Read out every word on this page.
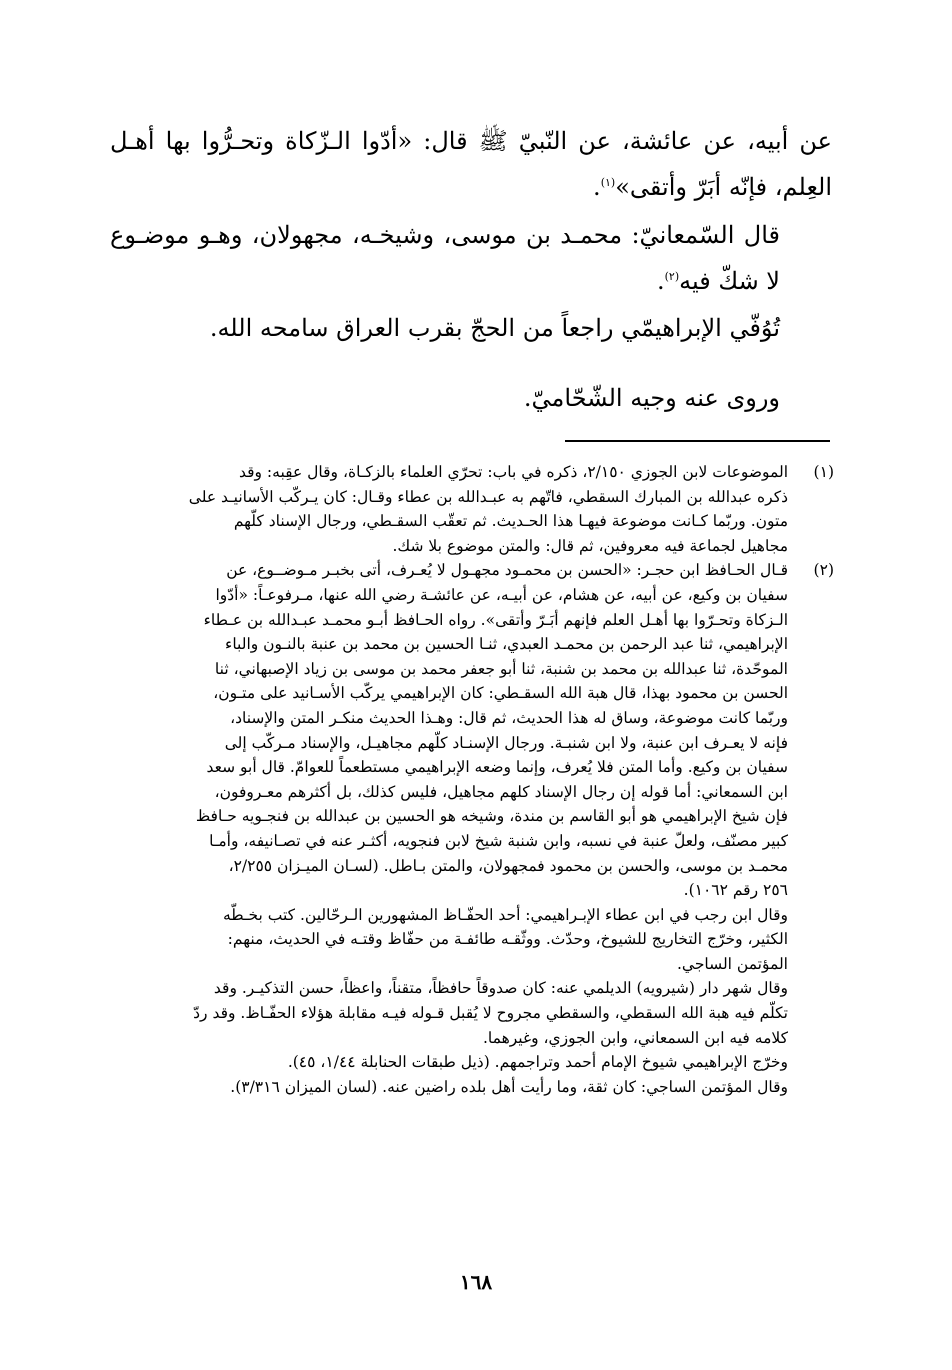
عن أبيه، عن عائشة، عن النّبيّ ﷺ قال: «أدّوا الـزّكاة وتحـرُّوا بها أهـل العِلم، فإنّه أبَرّ وأتقى»$^{(١)}$.

قال السّمعانيّ: محمـد بن موسى، وشيخـه، مجهولان، وهـو موضـوع لا شكّ فيه$^{(٢)}$.

تُوُفّي الإبراهيمّي راجعاً من الحجّ بقرب العراق سامحه الله.

وروى عنه وجيه الشّحّاميّ.

(١)
الموضوعات لابن الجوزي ٢/١٥٠، ذكره في باب: تحرّي العلماء بالزكـاة، وقال عقِبه: وقد
ذكره عبدالله بن المبارك السقطي، فاتّهم به عبـدالله بن عطاء وقـال: كان يـركّب الأسانيـد على
متون. وربّما كـانت موضوعة فيهـا هذا الحـديث. ثم تعقّب السقـطي، ورجال الإسناد كلّهم
مجاهيل لجماعة فيه معروفين، ثم قال: والمتن موضوع بلا شك.
(٢)
قـال الحـافظ ابن حجـر: «الحسن بن محمـود مجهـول لا يُعـرف، أتى بخبـر مـوضــوع، عن
سفيان بن وكيع، عن أبيه، عن هشام، عن أبيـه، عن عائشـة رضي الله عنها، مـرفوعـاً: «أدّوا
الـزكاة وتحـرّوا بها أهـل العلم فإنهم أبَـرّ وأتقى». رواه الحـافظ أبـو محمـد عبـدالله بن عـطاء
الإبراهيمي، ثنا عبد الرحمن بن محمـد العبدي، ثنـا الحسين بن محمد بن عنبة بالنـون والباء
الموحّدة، ثنا عبدالله بن محمد بن شنبة، ثنا أبو جعفر محمد بن موسى بن زياد الإصبهاني، ثنا
الحسن بن محمود بهذا، قال هبة الله السقـطي: كان الإبراهيمي يركّب الأسـانيد على متـون،
وربّما كانت موضوعة، وساق له هذا الحديث، ثم قال: وهـذا الحديث منكـر المتن والإسناد،
فإنه لا يعـرف ابن عنبة، ولا ابن شنبـة. ورجال الإسنـاد كلّهم مجاهيـل، والإسناد مـركّب إلى
سفيان بن وكيع. وأما المتن فلا يُعرف، وإنما وضعه الإبراهيمي مستطعماً للعوامّ. قال أبو سعد
ابن السمعاني: أما قوله إن رجال الإسناد كلهم مجاهيل، فليس كذلك، بل أكثرهم معـروفون،
فإن شيخ الإبراهيمي هو أبو القاسم بن مندة، وشيخه هو الحسين بن عبدالله بن فنجـويه حـافظ
كبير مصنّف، ولعلّ عنبة في نسبه، وابن شنبة شيخ لابن فنجويه، أكثـر عنه في تصـانيفه، وأمـا
محمـد بن موسى، والحسن بن محمود فمجهولان، والمتن بـاطل. (لسـان الميـزان ٢/٢٥٥،
٢٥٦ رقم ١٠٦٢).
وقال ابن رجب في ابن عطاء الإبـراهيمي: أحد الحفّـاظ المشهورين الـرحّالين. كتب بخـطّه
الكثير، وخرّج التخاريج للشيوخ، وحدّث. ووثّقـه طائفـة من حفّاظ وقتـه في الحديث، منهم:
المؤتمن الساجي.
وقال شهر دار (شيرويه) الديلمي عنه: كان صدوقاً حافظاً، متقناً، واعظاً، حسن التذكيـر. وقد
تكلّم فيه هبة الله السقطي، والسقطي مجروح لا يُقبل قـوله فيـه مقابلة هؤلاء الحفّـاظ. وقد ردّ
كلامه فيه ابن السمعاني، وابن الجوزي، وغيرهما.
وخرّج الإبراهيمي شيوخ الإمام أحمد وتراجمهم. (ذيل طبقات الحنابلة ١/٤٤، ٤٥).
وقال المؤتمن الساجي: كان ثقة، وما رأيت أهل بلده راضين عنه. (لسان الميزان ٣/٣١٦).
١٦٨
